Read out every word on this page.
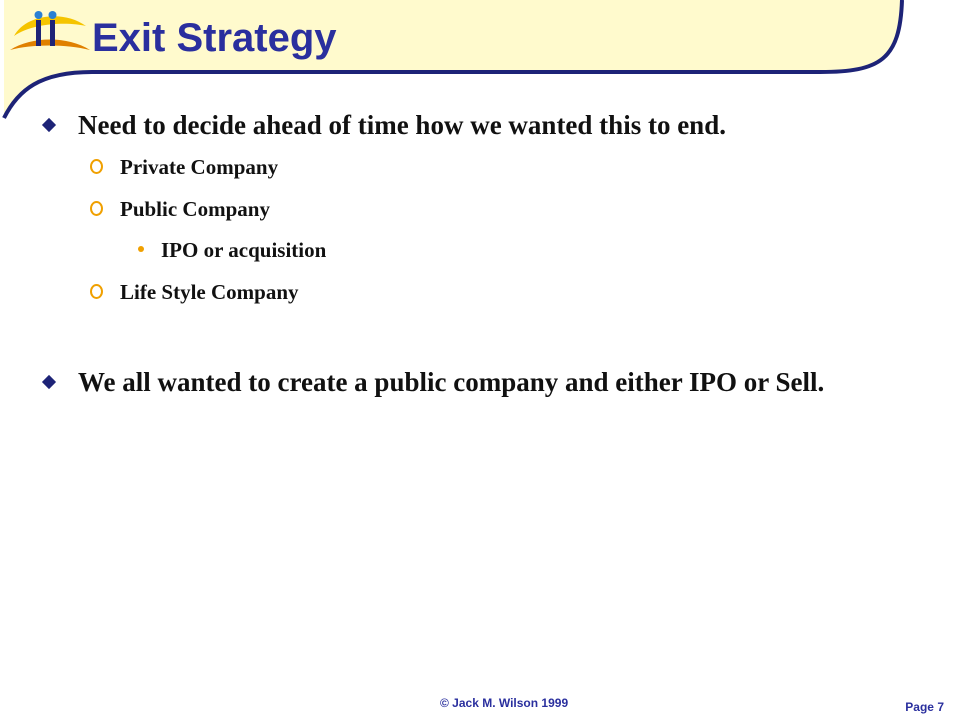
Exit Strategy
Need to decide ahead of time how we wanted this to end.
Private Company
Public Company
IPO or acquisition
Life Style Company
We all wanted to create a public company and either IPO or Sell.
© Jack M. Wilson 1999	Page 7
